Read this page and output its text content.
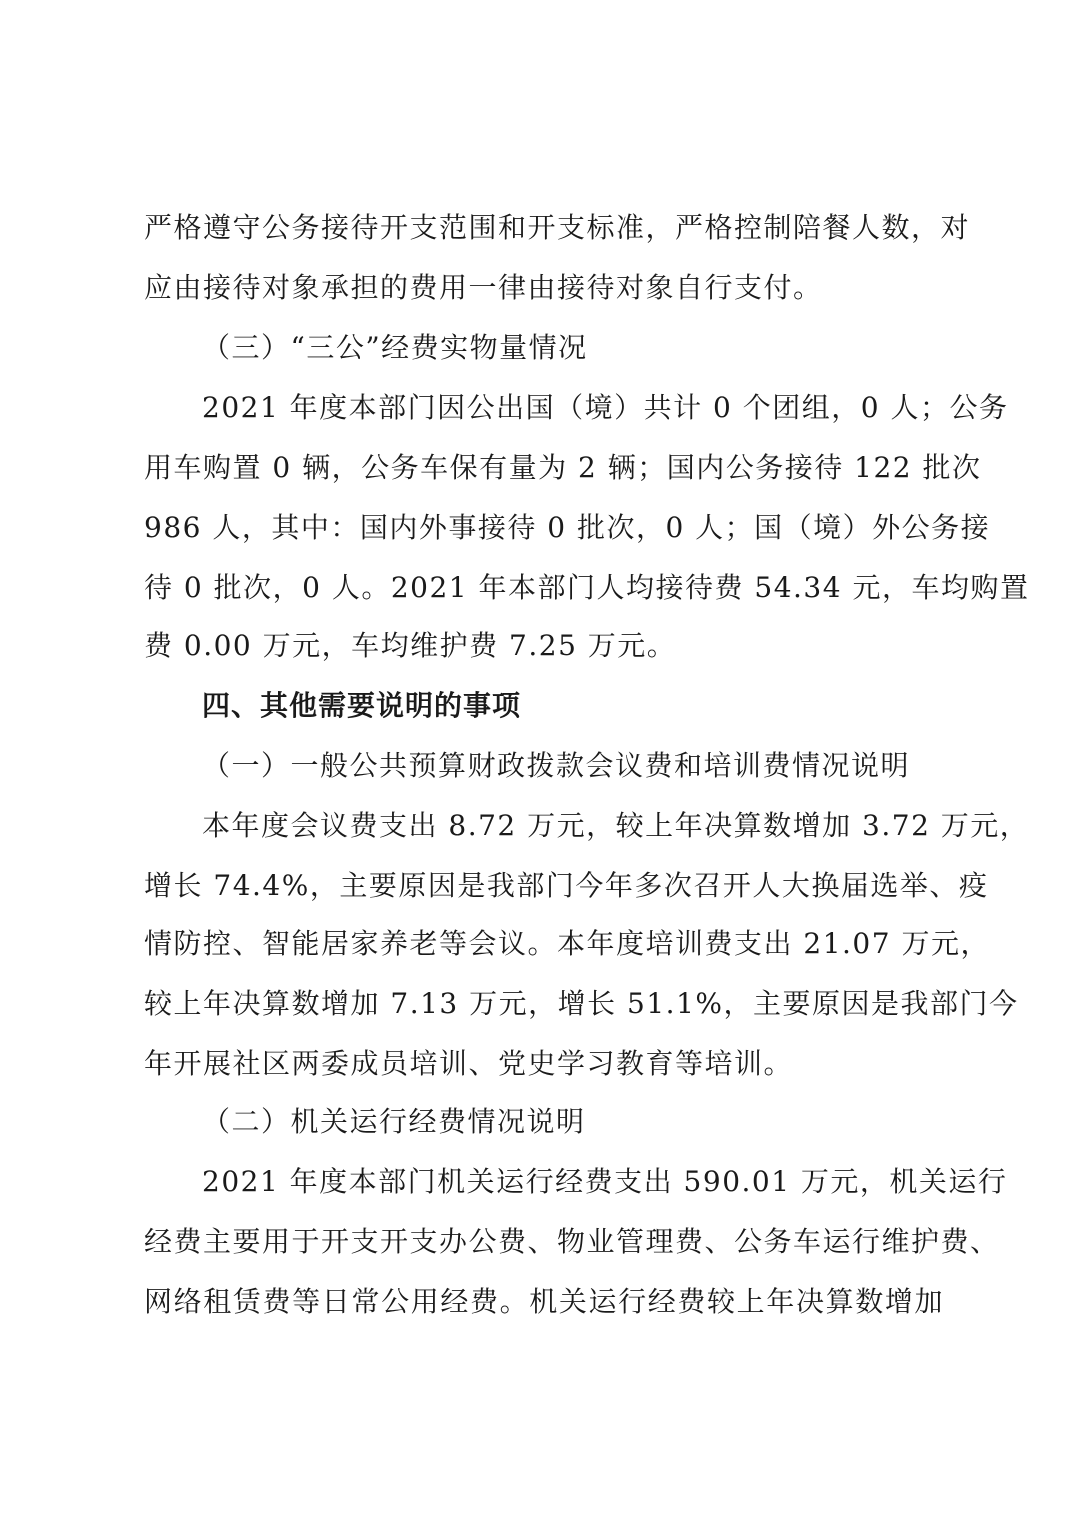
严格遵守公务接待开支范围和开支标准，严格控制陪餐人数，对
应由接待对象承担的费用一律由接待对象自行支付。
（三）“三公”经费实物量情况
2021 年度本部门因公出国（境）共计 0 个团组，0 人；公务
用车购置 0 辆，公务车保有量为 2 辆；国内公务接待 122 批次
986 人，其中：国内外事接待 0 批次，0 人；国（境）外公务接
待 0 批次，0 人。2021 年本部门人均接待费 54.34 元，车均购置
费 0.00 万元，车均维护费 7.25 万元。
四、其他需要说明的事项
（一）一般公共预算财政拨款会议费和培训费情况说明
本年度会议费支出 8.72 万元，较上年决算数增加 3.72 万元，
增长 74.4%，主要原因是我部门今年多次召开人大换届选举、疫
情防控、智能居家养老等会议。本年度培训费支出 21.07 万元，
较上年决算数增加 7.13 万元，增长 51.1%，主要原因是我部门今
年开展社区两委成员培训、党史学习教育等培训。
（二）机关运行经费情况说明
2021 年度本部门机关运行经费支出 590.01 万元，机关运行
经费主要用于开支开支办公费、物业管理费、公务车运行维护费、
网络租赁费等日常公用经费。机关运行经费较上年决算数增加
